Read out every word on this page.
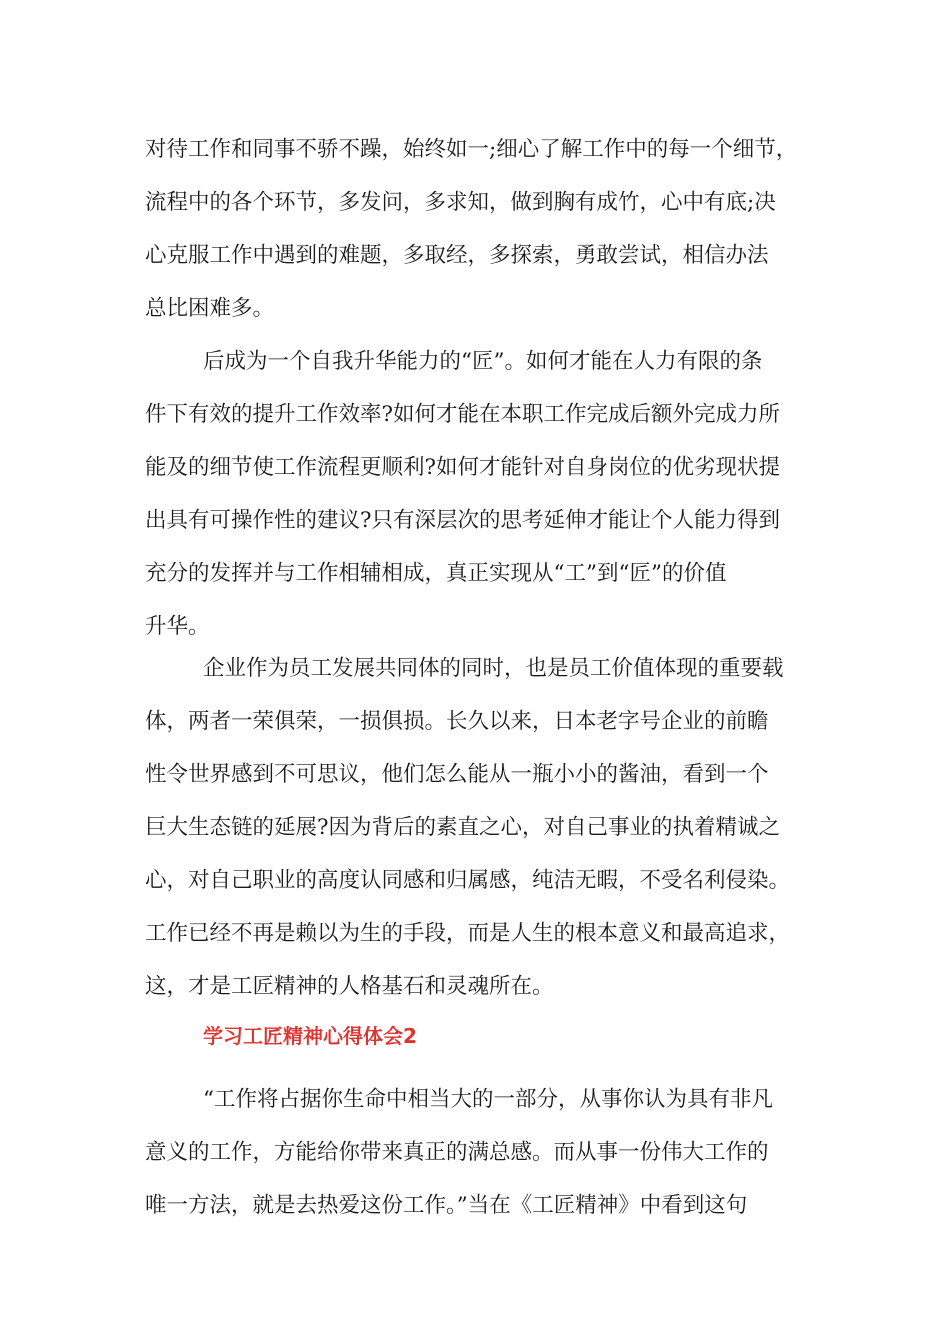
对待工作和同事不骄不躁，始终如一;细心了解工作中的每一个细节，
流程中的各个环节，多发问，多求知，做到胸有成竹，心中有底;决
心克服工作中遇到的难题，多取经，多探索，勇敢尝试，相信办法
总比困难多。
后成为一个自我升华能力的“匠”。如何才能在人力有限的条
件下有效的提升工作效率?如何才能在本职工作完成后额外完成力所
能及的细节使工作流程更顺利?如何才能针对自身岗位的优劣现状提
出具有可操作性的建议?只有深层次的思考延伸才能让个人能力得到
充分的发挥并与工作相辅相成，真正实现从“工”到“匠”的价值
升华。
企业作为员工发展共同体的同时，也是员工价值体现的重要载
体，两者一荣俱荣，一损俱损。长久以来，日本老字号企业的前瞻
性令世界感到不可思议，他们怎么能从一瓶小小的酱油，看到一个
巨大生态链的延展?因为背后的素直之心，对自己事业的执着精诚之
心，对自己职业的高度认同感和归属感，纯洁无暇，不受名利侵染。
工作已经不再是赖以为生的手段，而是人生的根本意义和最高追求，
这，才是工匠精神的人格基石和灵魂所在。
学习工匠精神心得体会2
“工作将占据你生命中相当大的一部分，从事你认为具有非凡
意义的工作，方能给你带来真正的满总感。而从事一份伟大工作的
唯一方法，就是去热爱这份工作。”当在《工匠精神》中看到这句
